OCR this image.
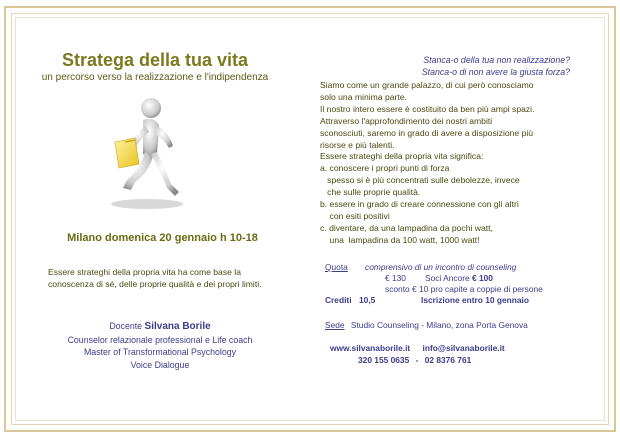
Stratega della tua vita
un percorso verso la realizzazione e l'indipendenza
Milano domenica 20 gennaio h 10-18
Essere strateghi della propria vita ha come base la
conoscenza di sé, delle proprie qualità e dei propri limiti.
Docente Silvana Borile
Counselor relazionale professional e Life coach
Master of Transformational Psychology
Voice Dialogue
Stanca-o della tua non realizzazione?
Stanca-o di non avere la giusta forza?
Siamo come un grande palazzo, di cui però conosciamo
solo una minima parte.
Il nostro intero essere è costituito da ben più ampi spazi.
Attraverso l'approfondimento dei nostri ambiti
sconosciuti, saremo in grado di avere a disposizione più
risorse e più talenti.
Essere strateghi della propria vita significa:
a. conoscere i propri punti di forza
spesso si è più concentrati sulle debolezze, invece
che sulle proprie qualità.
b. essere in grado di creare connessione con gli altri
con esiti positivi
c. diventare, da una lampadina da pochi watt,
una  lampadina da 100 watt, 1000 watt!
Quota comprensivo di un incontro di counseling
€ 130 Soci Ancore € 100
sconto € 10 pro capite a coppie di persone
Crediti 10,5	Iscrizione entro 10 gennaio
Sede Studio Counseling - Milano, zona Porta Genova
www.silvanaborile.it info@silvanaborile.it
320 155 0635 - 02 8376 761
